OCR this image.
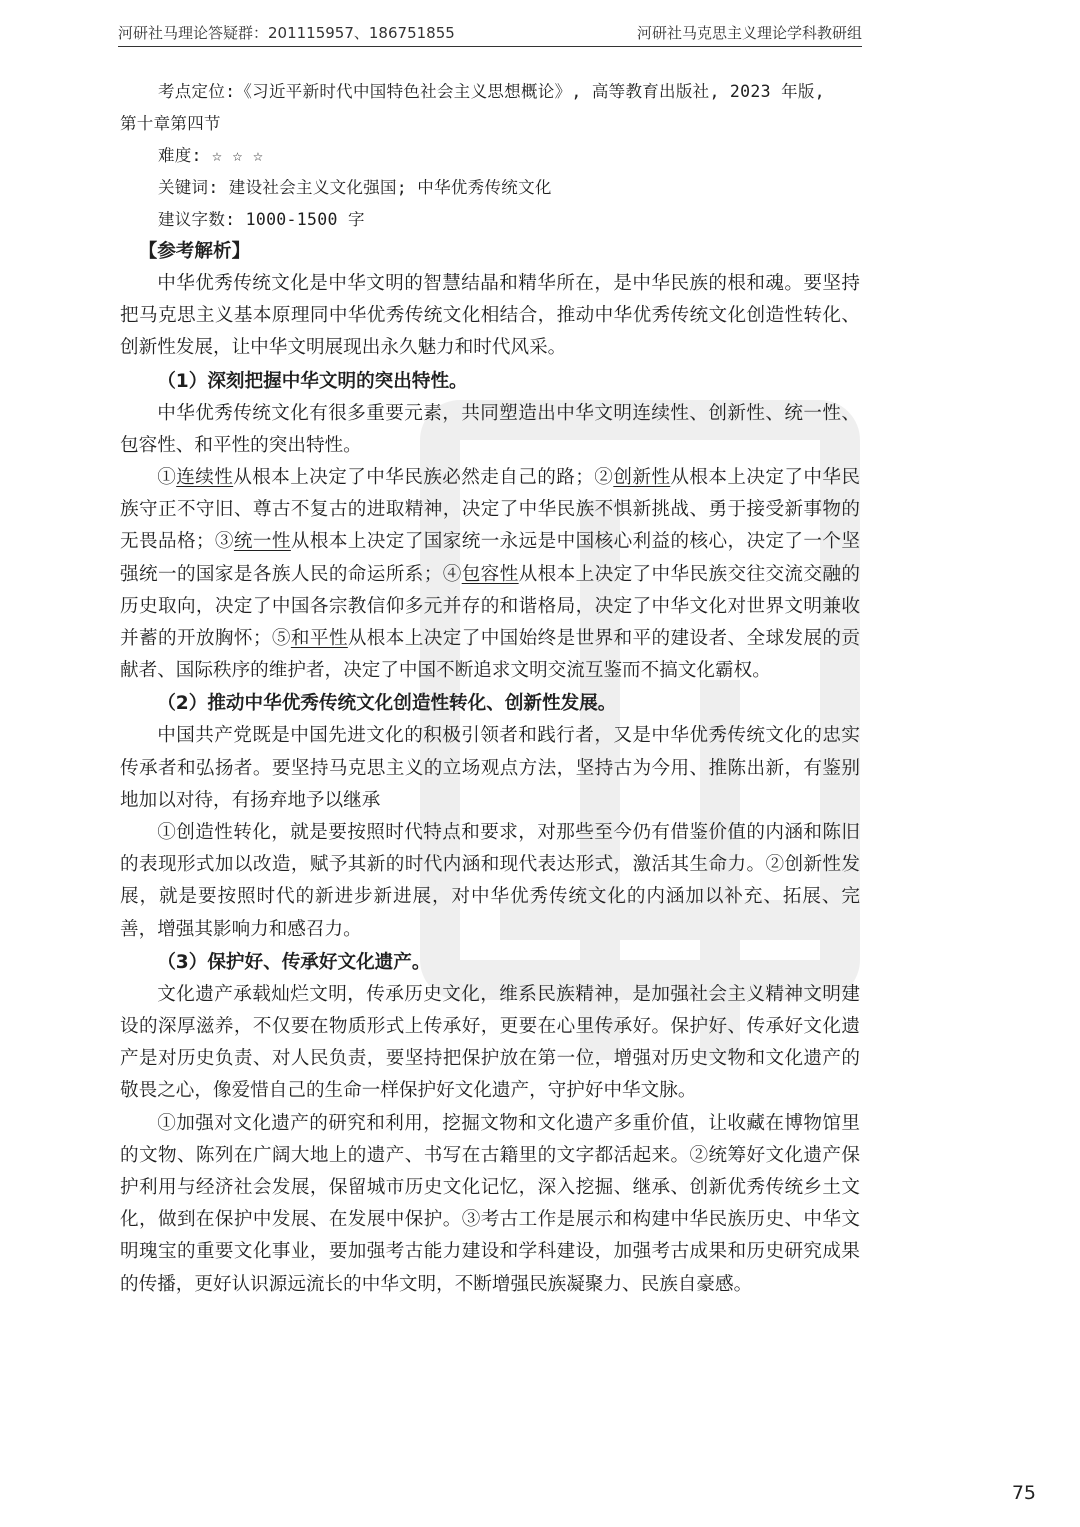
河研社马理论答疑群：201115957、186751855	河研社马克思主义理论学科教研组

考点定位:《习近平新时代中国特色社会主义思想概论》, 高等教育出版社, 2023 年版,

第十章第四节

难度: ☆ ☆ ☆

关键词: 建设社会主义文化强国; 中华优秀传统文化

建议字数: 1000-1500 字

【参考解析】

中华优秀传统文化是中华文明的智慧结晶和精华所在，是中华民族的根和魂。要坚持把马克思主义基本原理同中华优秀传统文化相结合，推动中华优秀传统文化创造性转化、创新性发展，让中华文明展现出永久魅力和时代风采。

（1）深刻把握中华文明的突出特性。

中华优秀传统文化有很多重要元素，共同塑造出中华文明连续性、创新性、统一性、包容性、和平性的突出特性。

①连续性从根本上决定了中华民族必然走自己的路；②创新性从根本上决定了中华民族守正不守旧、尊古不复古的进取精神，决定了中华民族不惧新挑战、勇于接受新事物的无畏品格；③统一性从根本上决定了国家统一永远是中国核心利益的核心，决定了一个坚强统一的国家是各族人民的命运所系；④包容性从根本上决定了中华民族交往交流交融的历史取向，决定了中国各宗教信仰多元并存的和谐格局，决定了中华文化对世界文明兼收并蓄的开放胸怀；⑤和平性从根本上决定了中国始终是世界和平的建设者、全球发展的贡献者、国际秩序的维护者，决定了中国不断追求文明交流互鉴而不搞文化霸权。

（2）推动中华优秀传统文化创造性转化、创新性发展。

中国共产党既是中国先进文化的积极引领者和践行者，又是中华优秀传统文化的忠实传承者和弘扬者。要坚持马克思主义的立场观点方法，坚持古为今用、推陈出新，有鉴别地加以对待，有扬弃地予以继承

①创造性转化，就是要按照时代特点和要求，对那些至今仍有借鉴价值的内涵和陈旧的表现形式加以改造，赋予其新的时代内涵和现代表达形式，激活其生命力。②创新性发展，就是要按照时代的新进步新进展，对中华优秀传统文化的内涵加以补充、拓展、完善，增强其影响力和感召力。

（3）保护好、传承好文化遗产。

文化遗产承载灿烂文明，传承历史文化，维系民族精神，是加强社会主义精神文明建设的深厚滋养，不仅要在物质形式上传承好，更要在心里传承好。保护好、传承好文化遗产是对历史负责、对人民负责，要坚持把保护放在第一位，增强对历史文物和文化遗产的敬畏之心，像爱惜自己的生命一样保护好文化遗产，守护好中华文脉。

①加强对文化遗产的研究和利用，挖掘文物和文化遗产多重价值，让收藏在博物馆里的文物、陈列在广阔大地上的遗产、书写在古籍里的文字都活起来。②统筹好文化遗产保护利用与经济社会发展，保留城市历史文化记忆，深入挖掘、继承、创新优秀传统乡土文化，做到在保护中发展、在发展中保护。③考古工作是展示和构建中华民族历史、中华文明瑰宝的重要文化事业，要加强考古能力建设和学科建设，加强考古成果和历史研究成果的传播，更好认识源远流长的中华文明，不断增强民族凝聚力、民族自豪感。

75
